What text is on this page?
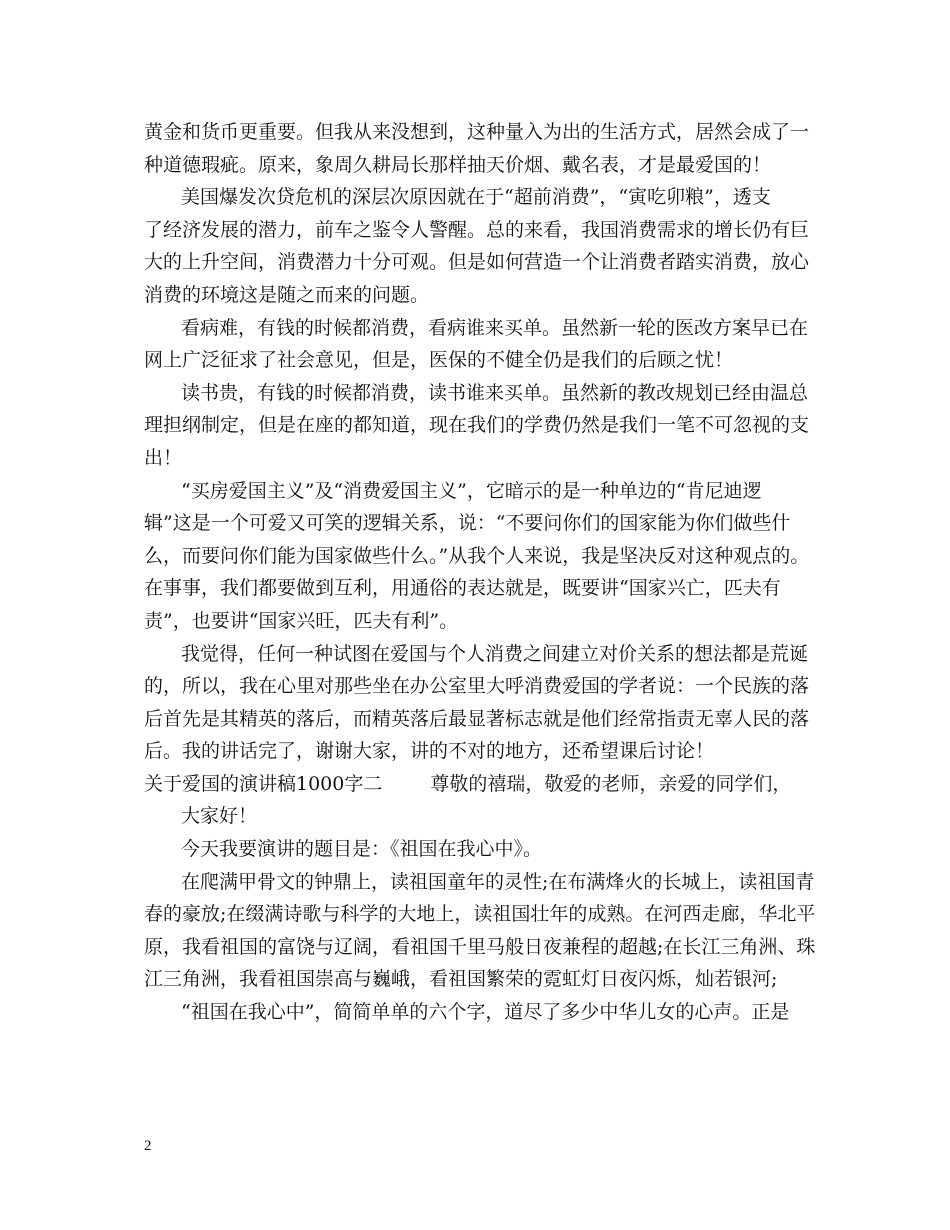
黄金和货币更重要。但我从来没想到，这种量入为出的生活方式，居然会成了一
种道德瑕疵。原来，象周久耕局长那样抽天价烟、戴名表，才是最爱国的！
美国爆发次贷危机的深层次原因就在于“超前消费”，“寅吃卯粮”，透支
了经济发展的潜力，前车之鉴令人警醒。总的来看，我国消费需求的增长仍有巨
大的上升空间，消费潜力十分可观。但是如何营造一个让消费者踏实消费，放心
消费的环境这是随之而来的问题。
看病难，有钱的时候都消费，看病谁来买单。虽然新一轮的医改方案早已在
网上广泛征求了社会意见，但是，医保的不健全仍是我们的后顾之忧！
读书贵，有钱的时候都消费，读书谁来买单。虽然新的教改规划已经由温总
理担纲制定，但是在座的都知道，现在我们的学费仍然是我们一笔不可忽视的支
出！
“买房爱国主义”及“消费爱国主义”，它暗示的是一种单边的“肯尼迪逻
辑”这是一个可爱又可笑的逻辑关系，说：“不要问你们的国家能为你们做些什
么，而要问你们能为国家做些什么。”从我个人来说，我是坚决反对这种观点的。
在事事，我们都要做到互利，用通俗的表达就是，既要讲“国家兴亡，匹夫有
责”，也要讲“国家兴旺，匹夫有利”。
我觉得，任何一种试图在爱国与个人消费之间建立对价关系的想法都是荒诞
的，所以，我在心里对那些坐在办公室里大呼消费爱国的学者说：一个民族的落
后首先是其精英的落后，而精英落后最显著标志就是他们经常指责无辜人民的落
后。我的讲话完了，谢谢大家，讲的不对的地方，还希望课后讨论！
关于爱国的演讲稿1000字二	尊敬的禧瑞，敬爱的老师，亲爱的同学们，
大家好！
今天我要演讲的题目是：《祖国在我心中》。
在爬满甲骨文的钟鼎上，读祖国童年的灵性;在布满烽火的长城上，读祖国青
春的豪放;在缀满诗歌与科学的大地上，读祖国壮年的成熟。在河西走廊，华北平
原，我看祖国的富饶与辽阔，看祖国千里马般日夜兼程的超越;在长江三角洲、珠
江三角洲，我看祖国崇高与巍峨，看祖国繁荣的霓虹灯日夜闪烁，灿若银河;
“祖国在我心中”，简简单单的六个字，道尽了多少中华儿女的心声。正是
2
